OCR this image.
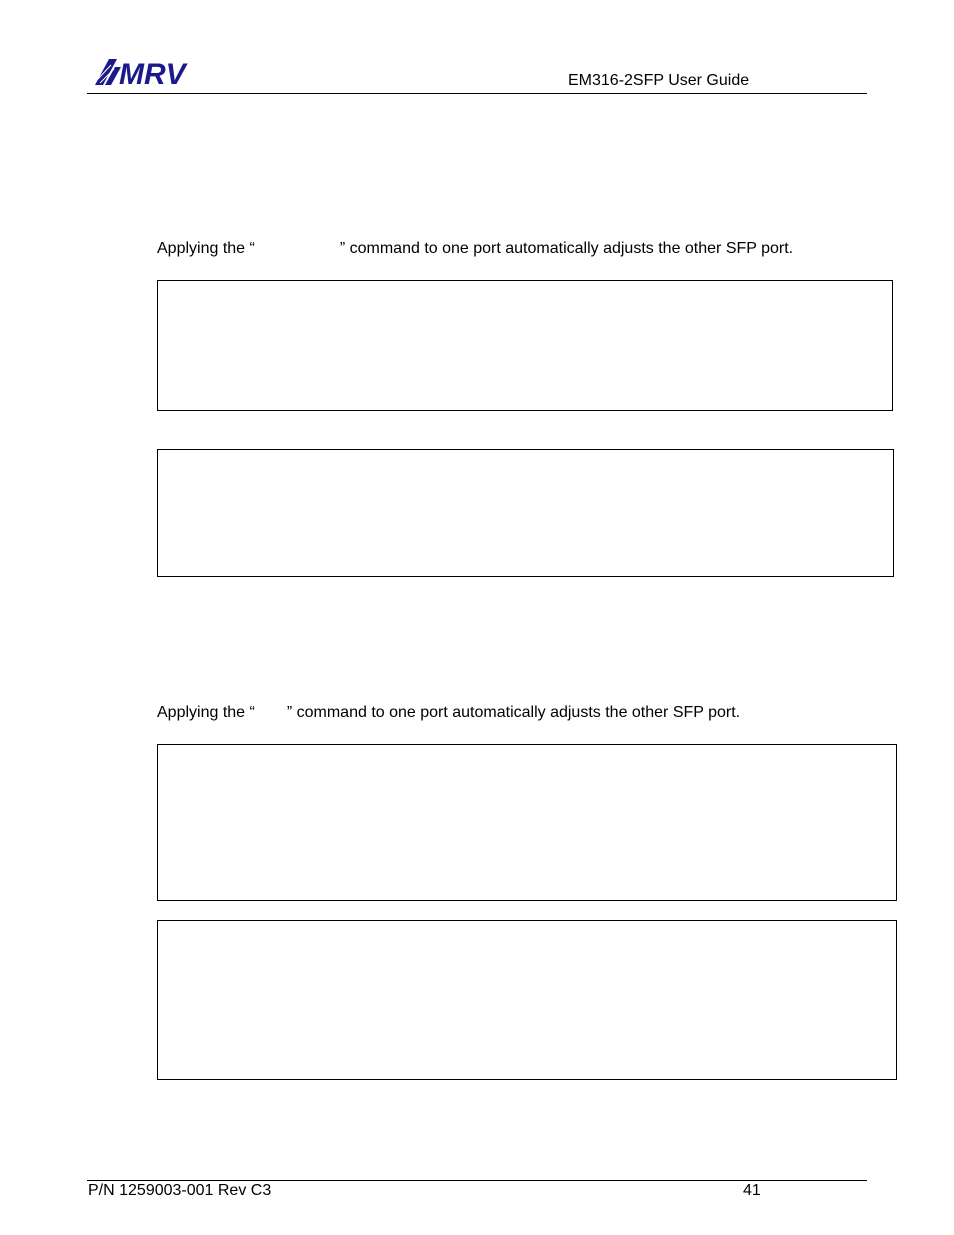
MRV	EM316-2SFP User Guide
Applying the “	” command to one port automatically adjusts the other SFP port.
Applying the “ ” command to one port automatically adjusts the other SFP port.
P/N 1259003-001 Rev C3	41
